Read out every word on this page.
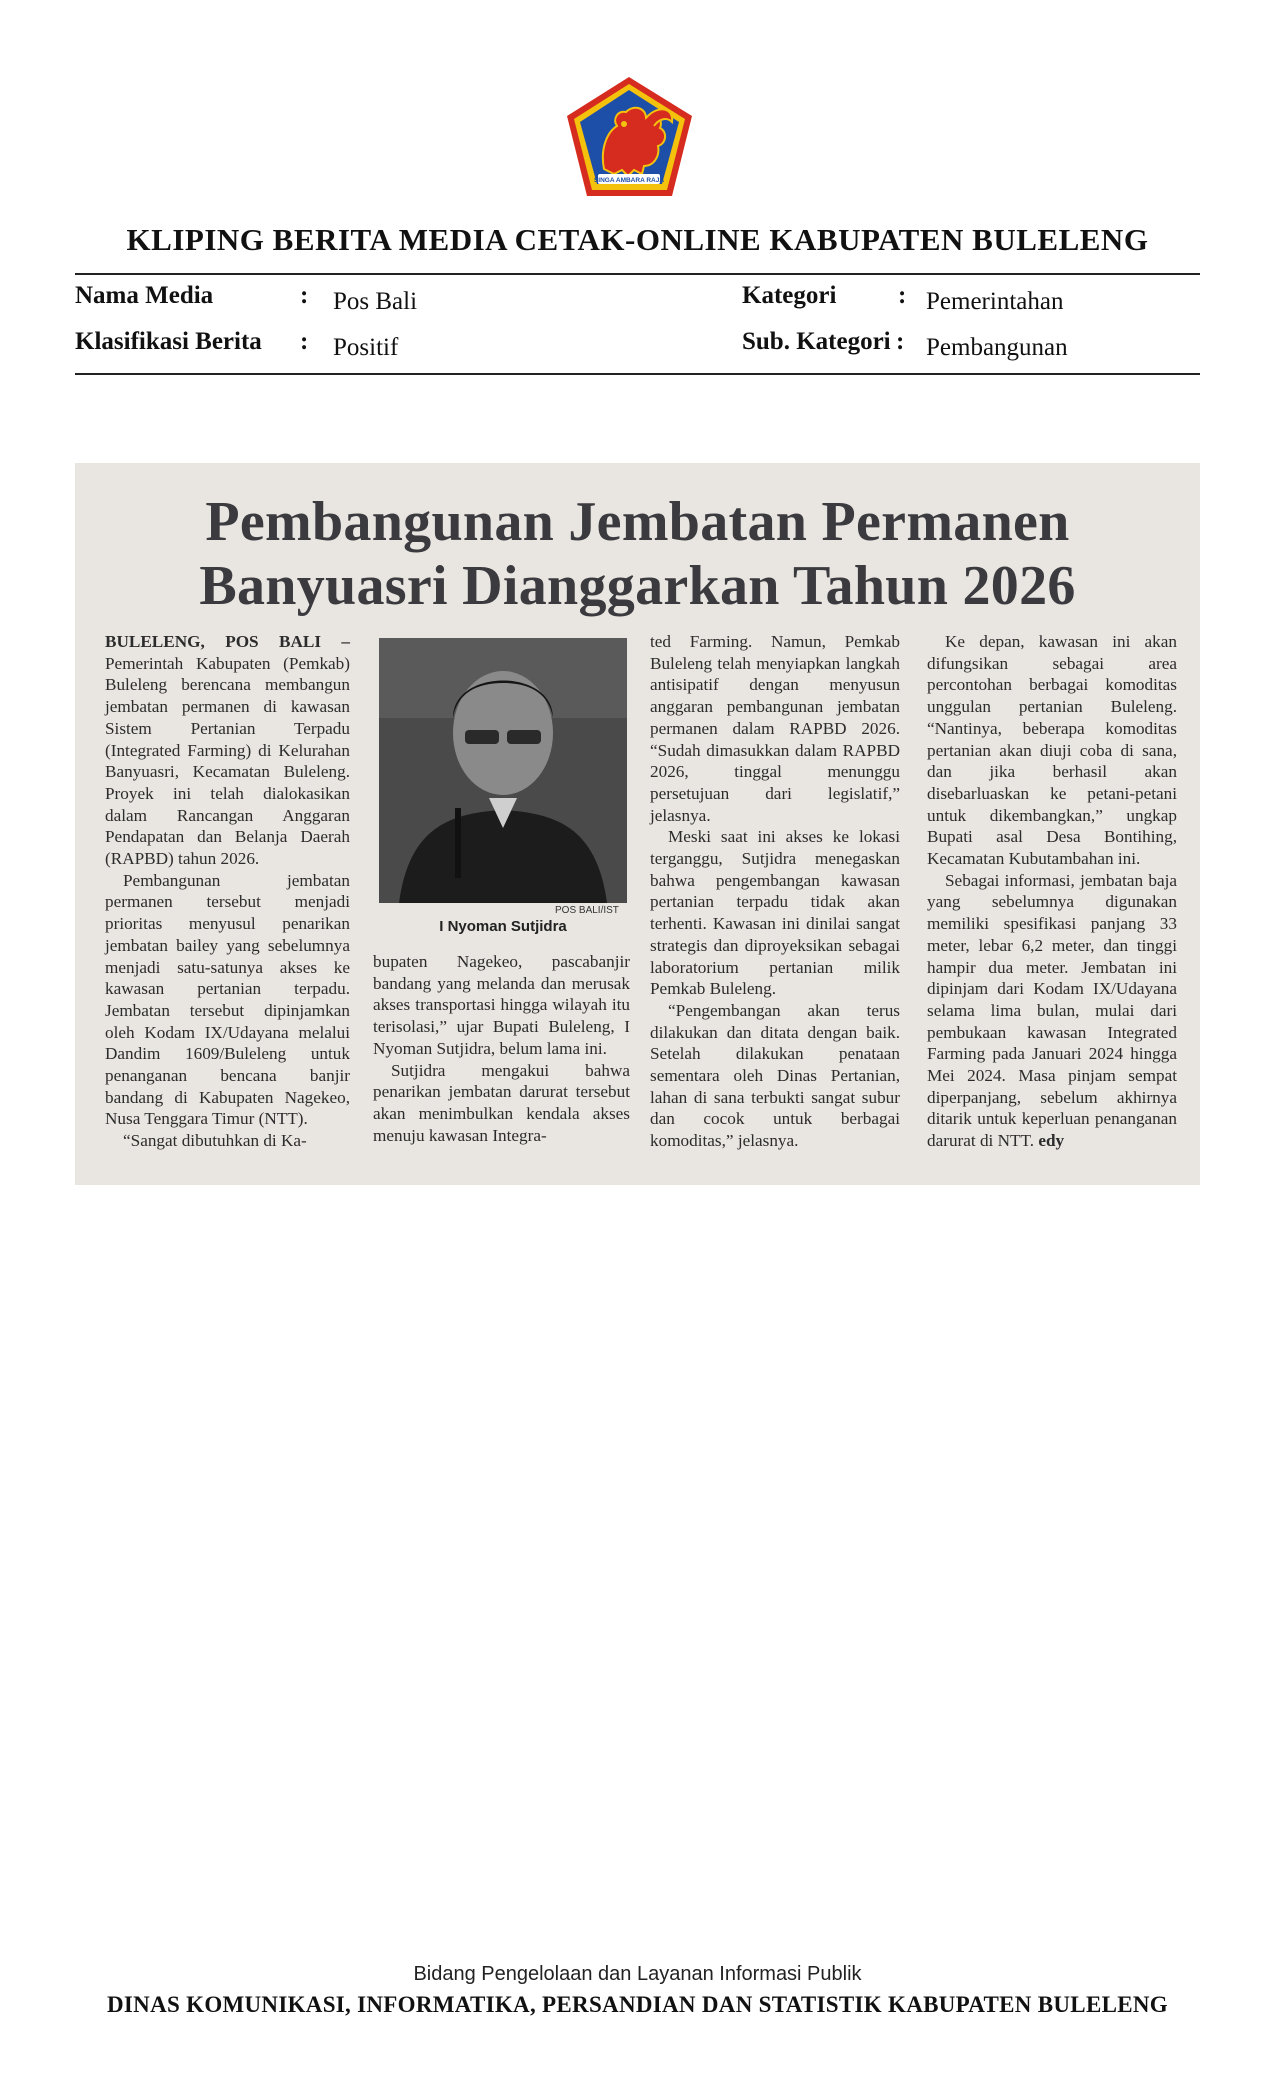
SINGA AMBARA RAJA
KLIPING BERITA MEDIA CETAK-ONLINE KABUPATEN BULELENG
Nama Media	: Pos Bali	Kategori : Pemerintahan
Klasifikasi Berita : Positif	Sub. Kategori : Pembangunan
Pembangunan Jembatan Permanen
Banyuasri Dianggarkan Tahun 2026

BULELENG, POS BALI – Pemerintah Kabupaten (Pemkab) Buleleng berencana membangun jembatan permanen di kawasan Sistem Pertanian Terpadu (Integrated Farming) di Kelurahan Banyuasri, Kecamatan Buleleng. Proyek ini telah dialokasikan dalam Rancangan Anggaran Pendapatan dan Belanja Daerah (RAPBD) tahun 2026.

Pembangunan jembatan permanen tersebut menjadi prioritas menyusul penarikan jembatan bailey yang sebelumnya menjadi satu-satunya akses ke kawasan pertanian terpadu. Jembatan tersebut dipinjamkan oleh Kodam IX/Udayana melalui Dandim 1609/Buleleng untuk penanganan bencana banjir bandang di Kabupaten Nagekeo, Nusa Tenggara Timur (NTT).

“Sangat dibutuhkan di Ka-

POS BALI/IST
I Nyoman Sutjidra

bupaten Nagekeo, pascabanjir bandang yang melanda dan merusak akses transportasi hingga wilayah itu terisolasi,” ujar Bupati Buleleng, I Nyoman Sutjidra, belum lama ini.

Sutjidra mengakui bahwa penarikan jembatan darurat tersebut akan menimbulkan kendala akses menuju kawasan Integra-

ted Farming. Namun, Pemkab Buleleng telah menyiapkan langkah antisipatif dengan menyusun anggaran pembangunan jembatan permanen dalam RAPBD 2026. “Sudah dimasukkan dalam RAPBD 2026, tinggal menunggu persetujuan dari legislatif,” jelasnya.

Meski saat ini akses ke lokasi terganggu, Sutjidra menegaskan bahwa pengembangan kawasan pertanian terpadu tidak akan terhenti. Kawasan ini dinilai sangat strategis dan diproyeksikan sebagai laboratorium pertanian milik Pemkab Buleleng.

“Pengembangan akan terus dilakukan dan ditata dengan baik. Setelah dilakukan penataan sementara oleh Dinas Pertanian, lahan di sana terbukti sangat subur dan cocok untuk berbagai komoditas,” jelasnya.

Ke depan, kawasan ini akan difungsikan sebagai area percontohan berbagai komoditas unggulan pertanian Buleleng. “Nantinya, beberapa komoditas pertanian akan diuji coba di sana, dan jika berhasil akan disebarluaskan ke petani-petani untuk dikembangkan,” ungkap Bupati asal Desa Bontihing, Kecamatan Kubutambahan ini.

Sebagai informasi, jembatan baja yang sebelumnya digunakan memiliki spesifikasi panjang 33 meter, lebar 6,2 meter, dan tinggi hampir dua meter. Jembatan ini dipinjam dari Kodam IX/Udayana selama lima bulan, mulai dari pembukaan kawasan Integrated Farming pada Januari 2024 hingga Mei 2024. Masa pinjam sempat diperpanjang, sebelum akhirnya ditarik untuk keperluan penanganan darurat di NTT. edy

Bidang Pengelolaan dan Layanan Informasi Publik
DINAS KOMUNIKASI, INFORMATIKA, PERSANDIAN DAN STATISTIK KABUPATEN BULELENG
